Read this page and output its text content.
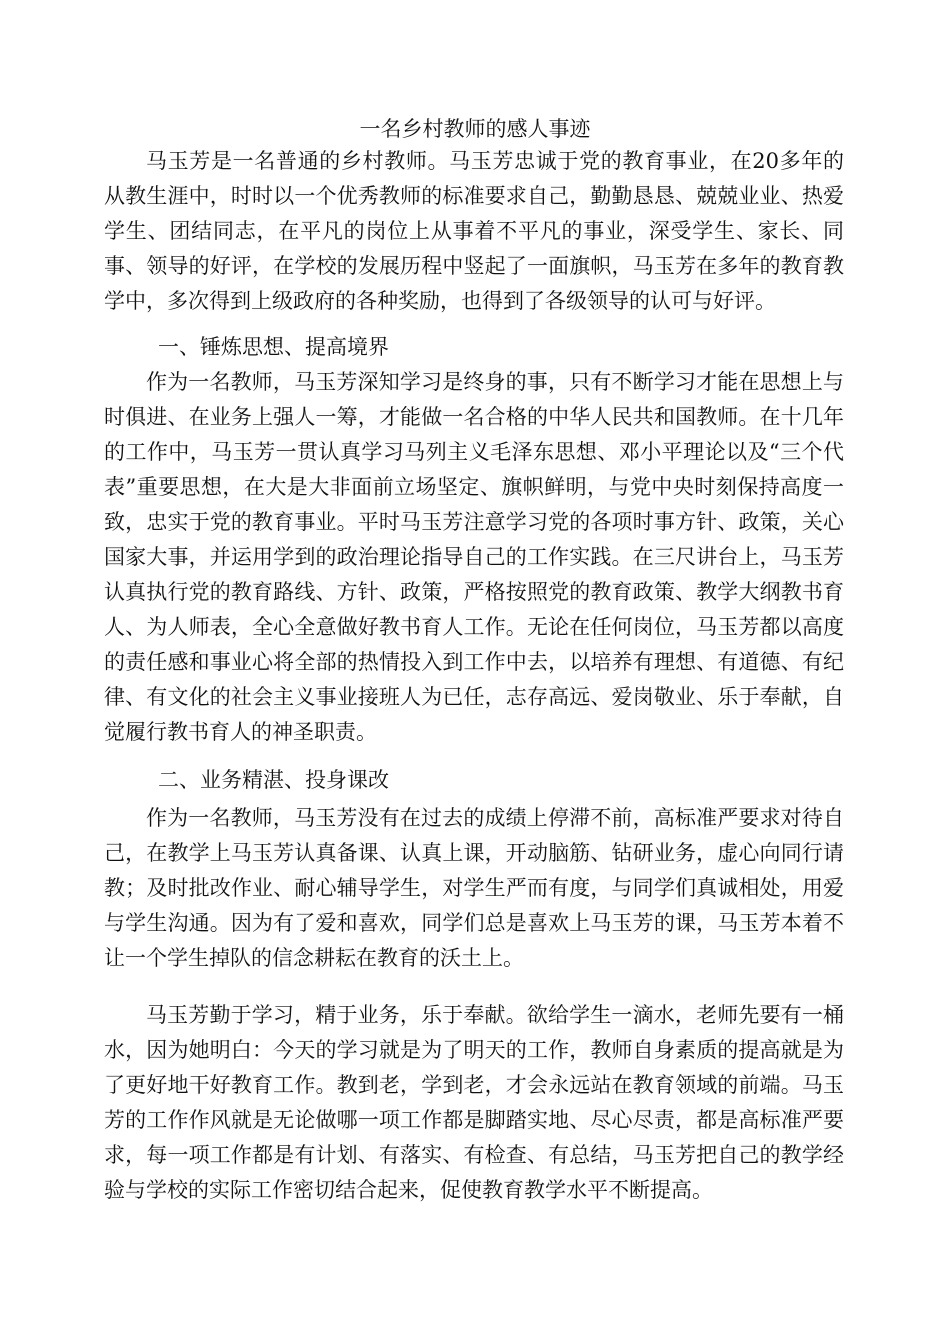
一名乡村教师的感人事迹

马玉芳是一名普通的乡村教师。马玉芳忠诚于党的教育事业，在20多年的从教生涯中，时时以一个优秀教师的标准要求自己，勤勤恳恳、兢兢业业、热爱学生、团结同志，在平凡的岗位上从事着不平凡的事业，深受学生、家长、同事、领导的好评，在学校的发展历程中竖起了一面旗帜，马玉芳在多年的教育教学中，多次得到上级政府的各种奖励，也得到了各级领导的认可与好评。

一、锤炼思想、提高境界

作为一名教师，马玉芳深知学习是终身的事，只有不断学习才能在思想上与时俱进、在业务上强人一筹，才能做一名合格的中华人民共和国教师。在十几年的工作中，马玉芳一贯认真学习马列主义毛泽东思想、邓小平理论以及“三个代表”重要思想，在大是大非面前立场坚定、旗帜鲜明，与党中央时刻保持高度一致，忠实于党的教育事业。平时马玉芳注意学习党的各项时事方针、政策，关心国家大事，并运用学到的政治理论指导自己的工作实践。在三尺讲台上，马玉芳认真执行党的教育路线、方针、政策，严格按照党的教育政策、教学大纲教书育人、为人师表，全心全意做好教书育人工作。无论在任何岗位，马玉芳都以高度的责任感和事业心将全部的热情投入到工作中去，以培养有理想、有道德、有纪律、有文化的社会主义事业接班人为已任，志存高远、爱岗敬业、乐于奉献，自觉履行教书育人的神圣职责。

二、业务精湛、投身课改

作为一名教师，马玉芳没有在过去的成绩上停滞不前，高标准严要求对待自己，在教学上马玉芳认真备课、认真上课，开动脑筋、钻研业务，虚心向同行请教；及时批改作业、耐心辅导学生，对学生严而有度，与同学们真诚相处，用爱与学生沟通。因为有了爱和喜欢，同学们总是喜欢上马玉芳的课，马玉芳本着不让一个学生掉队的信念耕耘在教育的沃土上。

马玉芳勤于学习，精于业务，乐于奉献。欲给学生一滴水，老师先要有一桶水，因为她明白：今天的学习就是为了明天的工作，教师自身素质的提高就是为了更好地干好教育工作。教到老，学到老，才会永远站在教育领域的前端。马玉芳的工作作风就是无论做哪一项工作都是脚踏实地、尽心尽责，都是高标准严要求，每一项工作都是有计划、有落实、有检查、有总结，马玉芳把自己的教学经验与学校的实际工作密切结合起来，促使教育教学水平不断提高。
